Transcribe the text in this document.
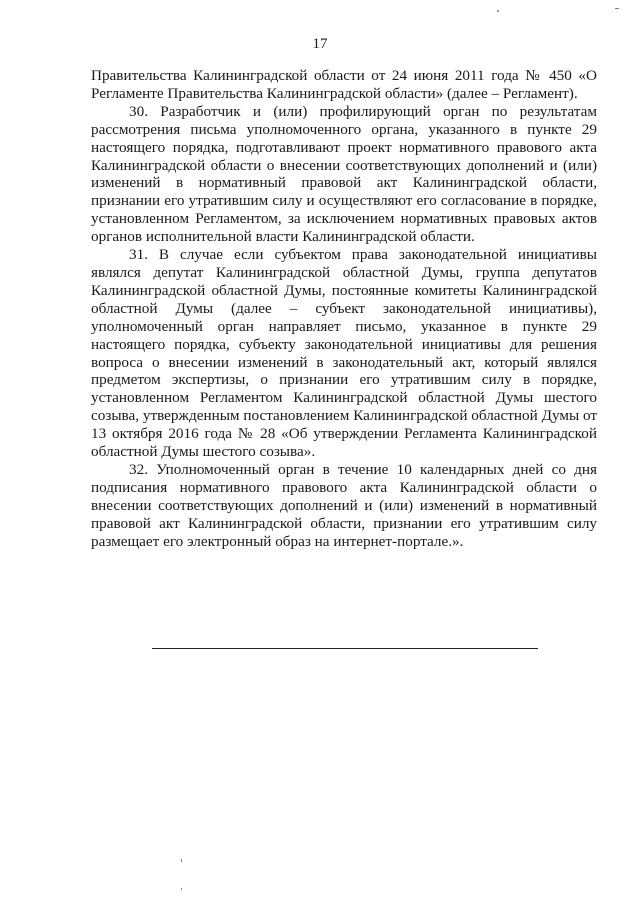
17

Правительства Калининградской области от 24 июня 2011 года № 450 «О Регламенте Правительства Калининградской области» (далее – Регламент).

30. Разработчик и (или) профилирующий орган по результатам рассмотрения письма уполномоченного органа, указанного в пункте 29 настоящего порядка, подготавливают проект нормативного правового акта Калининградской области о внесении соответствующих дополнений и (или) изменений в нормативный правовой акт Калининградской области, признании его утратившим силу и осуществляют его согласование в порядке, установленном Регламентом, за исключением нормативных правовых актов органов исполнительной власти Калининградской области.

31. В случае если субъектом права законодательной инициативы являлся депутат Калининградской областной Думы, группа депутатов Калининградской областной Думы, постоянные комитеты Калининградской областной Думы (далее – субъект законодательной инициативы), уполномоченный орган направляет письмо, указанное в пункте 29 настоящего порядка, субъекту законодательной инициативы для решения вопроса о внесении изменений в законодательный акт, который являлся предметом экспертизы, о признании его утратившим силу в порядке, установленном Регламентом Калининградской областной Думы шестого созыва, утвержденным постановлением Калининградской областной Думы от 13 октября 2016 года № 28 «Об утверждении Регламента Калининградской областной Думы шестого созыва».

32. Уполномоченный орган в течение 10 календарных дней со дня подписания нормативного правового акта Калининградской области о внесении соответствующих дополнений и (или) изменений в нормативный правовой акт Калининградской области, признании его утратившим силу размещает его электронный образ на интернет-портале.».
